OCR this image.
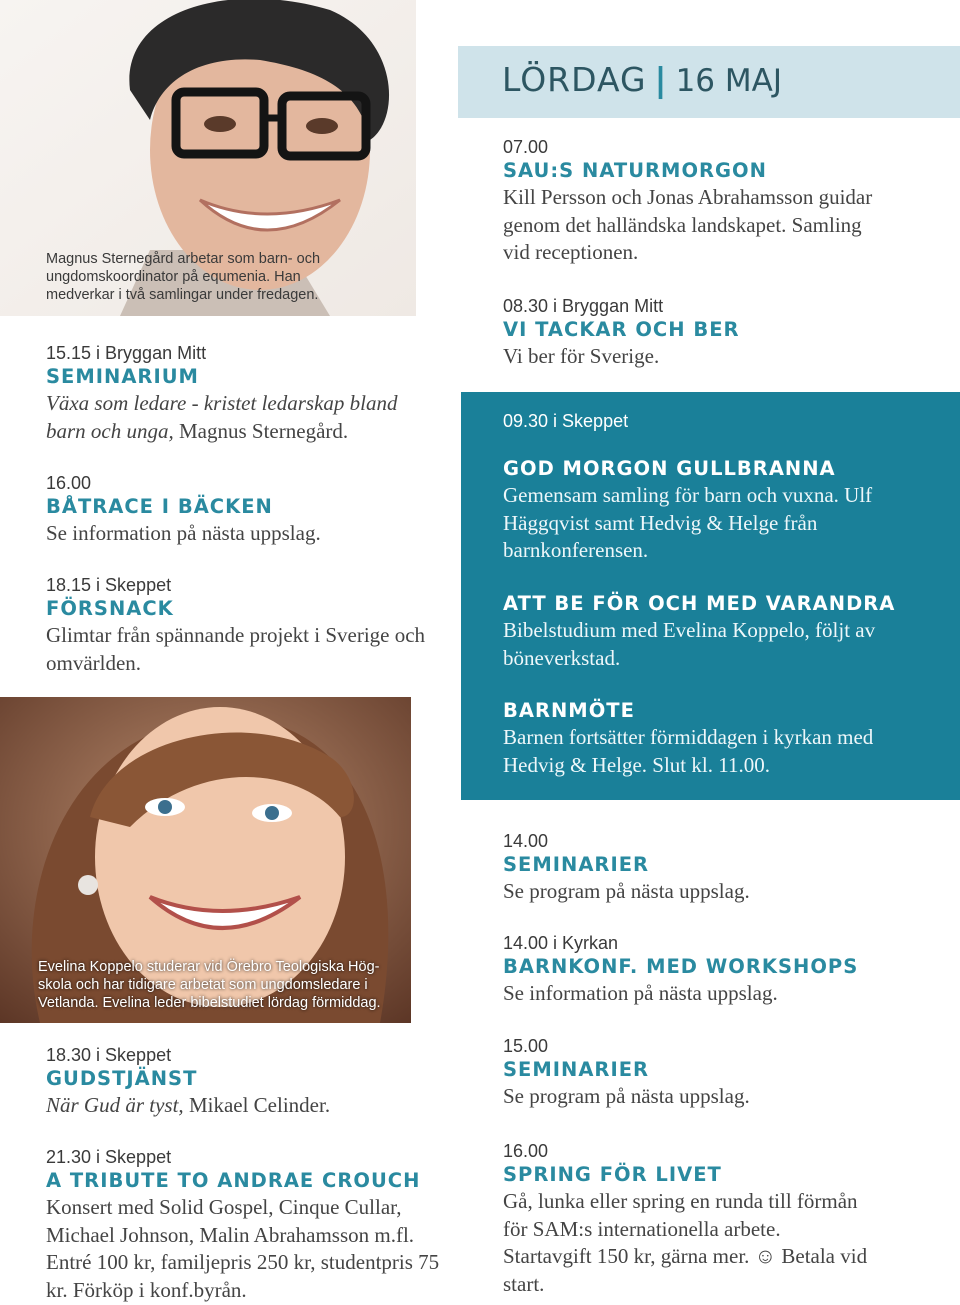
Magnus Sternegård arbetar som barn- och ungdomskoordinator på equmenia. Han medverkar i två samlingar under fredagen.
15.15 i Bryggan Mitt
SEMINARIUM
Växa som ledare - kristet ledarskap bland barn och unga, Magnus Sternegård.
16.00
BÅTRACE I BÄCKEN
Se information på nästa uppslag.
18.15 i Skeppet
FÖRSNACK
Glimtar från spännande projekt i Sverige och omvärlden.
Evelina Koppelo studerar vid Örebro Teologiska Hög-skola och har tidigare arbetat som ungdomsledare i Vetlanda. Evelina leder bibelstudiet lördag förmiddag.
18.30 i Skeppet
GUDSTJÄNST
När Gud är tyst, Mikael Celinder.
21.30 i Skeppet
A TRIBUTE TO ANDRAE CROUCH
Konsert med Solid Gospel, Cinque Cullar, Michael Johnson, Malin Abrahamsson m.fl. Entré 100 kr, familjepris 250 kr, studentpris 75 kr. Förköp i konf.byrån.
LÖRDAG | 16 MAJ
07.00
SAU:S NATURMORGON
Kill Persson och Jonas Abrahamsson guidar genom det halländska landskapet. Samling vid receptionen.
08.30 i Bryggan Mitt
VI TACKAR OCH BER
Vi ber för Sverige.
09.30 i Skeppet
GOD MORGON GULLBRANNA
Gemensam samling för barn och vuxna. Ulf Häggqvist samt Hedvig & Helge från barnkonferensen.
ATT BE FÖR OCH MED VARANDRA
Bibelstudium med Evelina Koppelo, följt av böneverkstad.
BARNMÖTE
Barnen fortsätter förmiddagen i kyrkan med Hedvig & Helge. Slut kl. 11.00.
14.00
SEMINARIER
Se program på nästa uppslag.
14.00 i Kyrkan
BARNKONF. MED WORKSHOPS
Se information på nästa uppslag.
15.00
SEMINARIER
Se program på nästa uppslag.
16.00
SPRING FÖR LIVET
Gå, lunka eller spring en runda till förmån för SAM:s internationella arbete. Startavgift 150 kr, gärna mer. ☺ Betala vid start.
